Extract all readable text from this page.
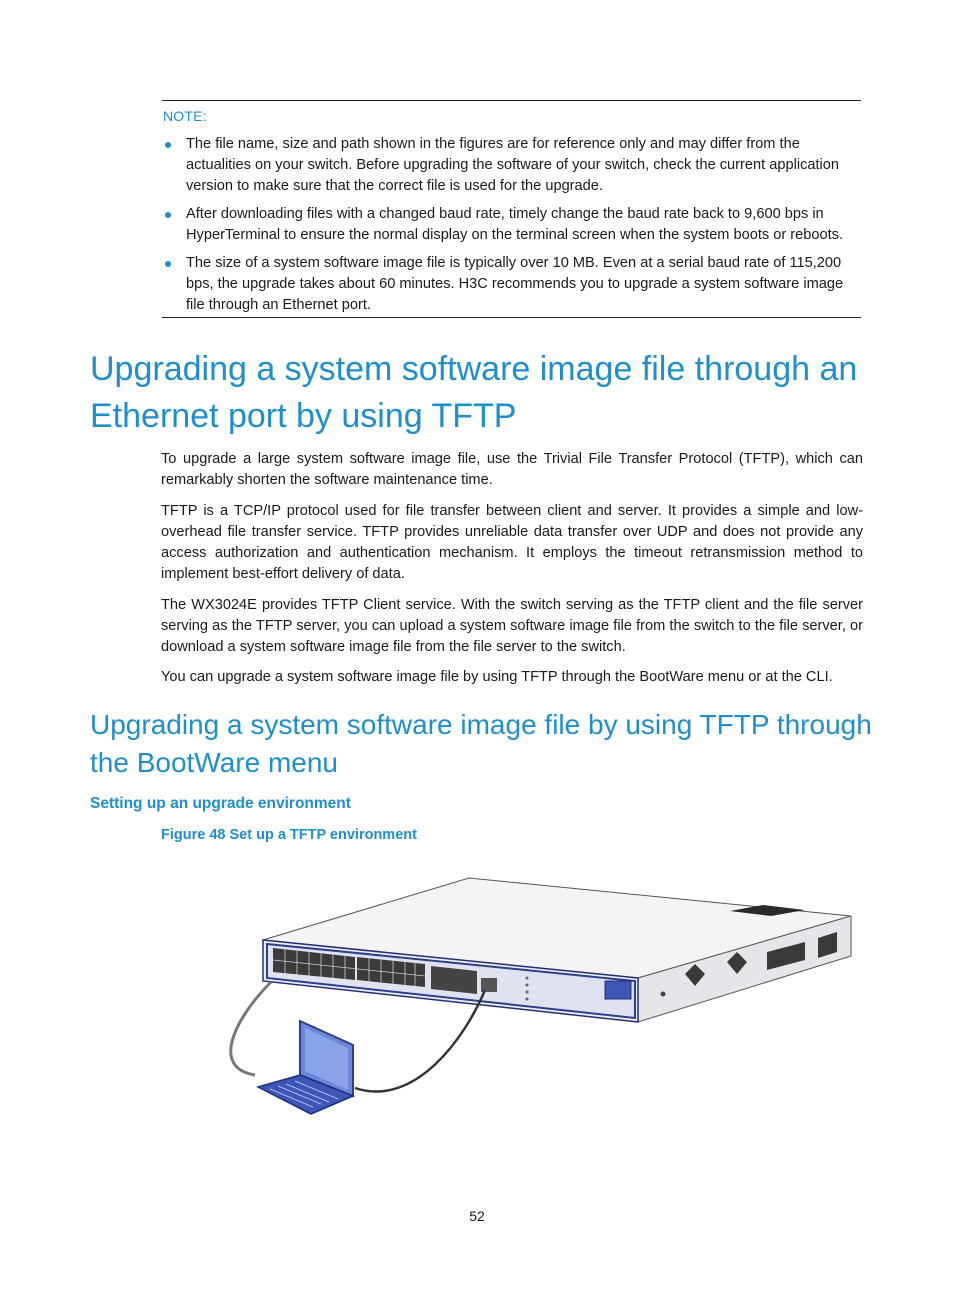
NOTE:
The file name, size and path shown in the figures are for reference only and may differ from the actualities on your switch. Before upgrading the software of your switch, check the current application version to make sure that the correct file is used for the upgrade.
After downloading files with a changed baud rate, timely change the baud rate back to 9,600 bps in HyperTerminal to ensure the normal display on the terminal screen when the system boots or reboots.
The size of a system software image file is typically over 10 MB. Even at a serial baud rate of 115,200 bps, the upgrade takes about 60 minutes. H3C recommends you to upgrade a system software image file through an Ethernet port.
Upgrading a system software image file through an Ethernet port by using TFTP

To upgrade a large system software image file, use the Trivial File Transfer Protocol (TFTP), which can remarkably shorten the software maintenance time.

TFTP is a TCP/IP protocol used for file transfer between client and server. It provides a simple and low-overhead file transfer service. TFTP provides unreliable data transfer over UDP and does not provide any access authorization and authentication mechanism. It employs the timeout retransmission method to implement best-effort delivery of data.

The WX3024E provides TFTP Client service. With the switch serving as the TFTP client and the file server serving as the TFTP server, you can upload a system software image file from the switch to the file server, or download a system software image file from the file server to the switch.

You can upgrade a system software image file by using TFTP through the BootWare menu or at the CLI.

Upgrading a system software image file by using TFTP through the BootWare menu
Setting up an upgrade environment
Figure 48 Set up a TFTP environment
52
